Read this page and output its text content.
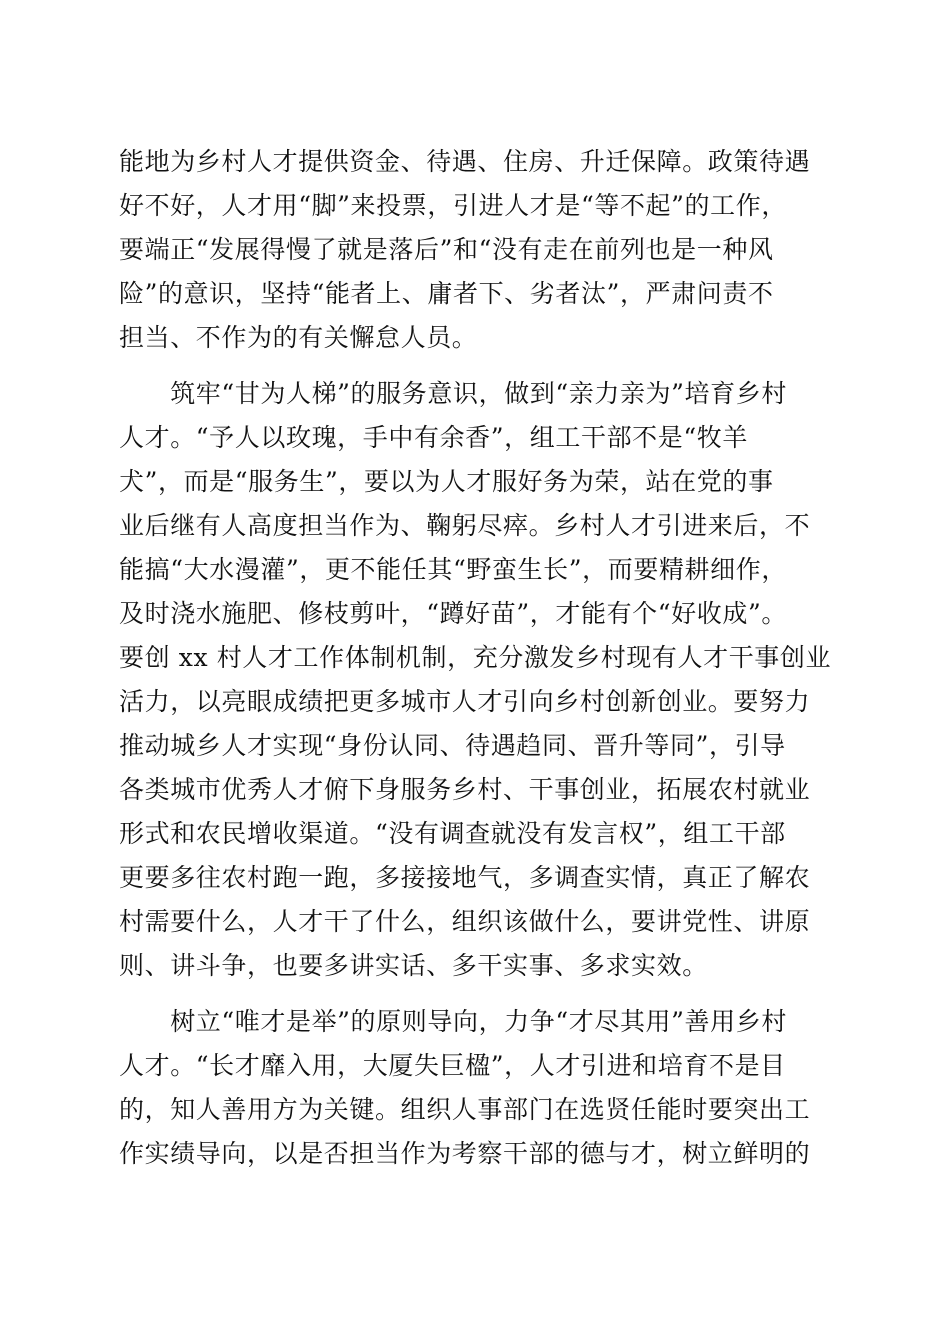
能地为乡村人才提供资金、待遇、住房、升迁保障。政策待遇
好不好，人才用“脚”来投票，引进人才是“等不起”的工作，
要端正“发展得慢了就是落后”和“没有走在前列也是一种风
险”的意识，坚持“能者上、庸者下、劣者汰”，严肃问责不
担当、不作为的有关懈怠人员。
　　筑牢“甘为人梯”的服务意识，做到“亲力亲为”培育乡村
人才。“予人以玫瑰，手中有余香”，组工干部不是“牧羊
犬”，而是“服务生”，要以为人才服好务为荣，站在党的事
业后继有人高度担当作为、鞠躬尽瘁。乡村人才引进来后，不
能搞“大水漫灌”，更不能任其“野蛮生长”，而要精耕细作，
及时浇水施肥、修枝剪叶，“蹲好苗”，才能有个“好收成”。
要创 xx 村人才工作体制机制，充分激发乡村现有人才干事创业
活力，以亮眼成绩把更多城市人才引向乡村创新创业。要努力
推动城乡人才实现“身份认同、待遇趋同、晋升等同”，引导
各类城市优秀人才俯下身服务乡村、干事创业，拓展农村就业
形式和农民增收渠道。“没有调查就没有发言权”，组工干部
更要多往农村跑一跑，多接接地气，多调查实情，真正了解农
村需要什么，人才干了什么，组织该做什么，要讲党性、讲原
则、讲斗争，也要多讲实话、多干实事、多求实效。
　　树立“唯才是举”的原则导向，力争“才尽其用”善用乡村
人才。“长才靡入用，大厦失巨楹”，人才引进和培育不是目
的，知人善用方为关键。组织人事部门在选贤任能时要突出工
作实绩导向，以是否担当作为考察干部的德与才，树立鲜明的
